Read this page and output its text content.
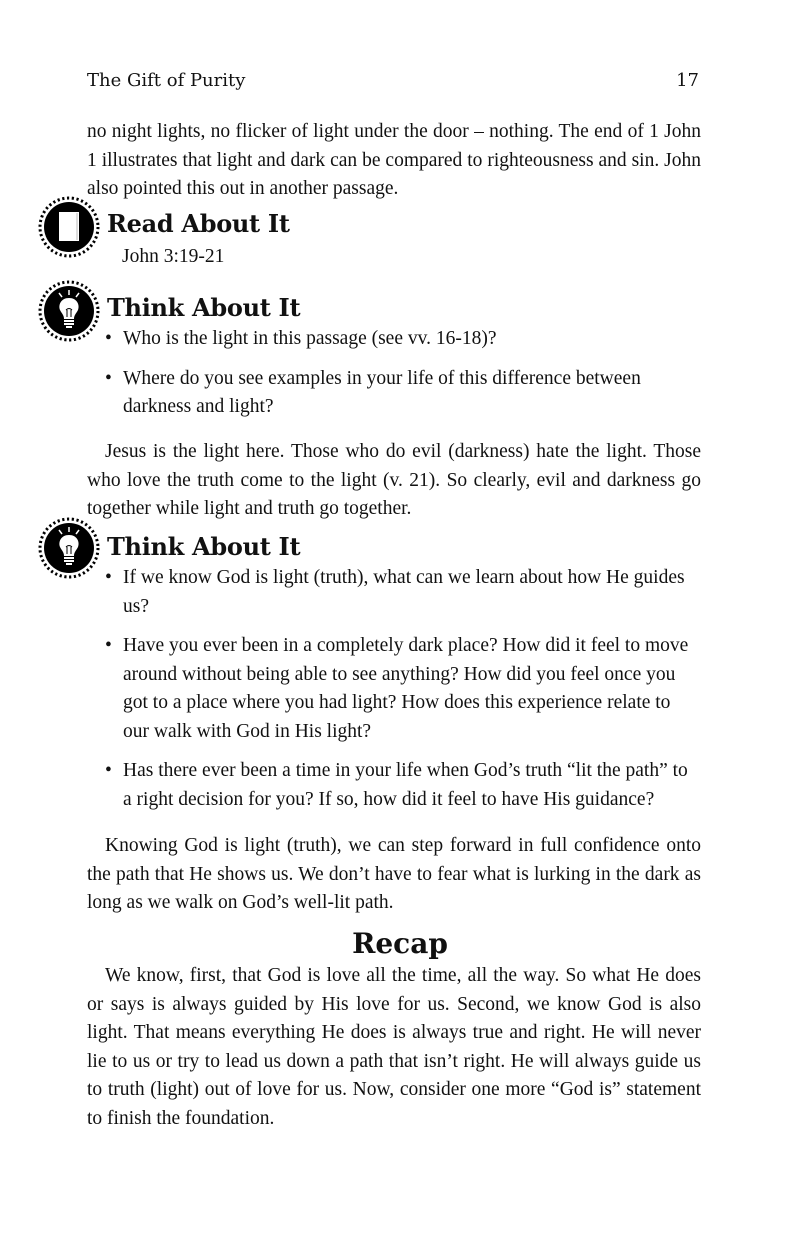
The Gift of Purity	17

no night lights, no flicker of light under the door – nothing. The end of 1 John 1 illustrates that light and dark can be compared to righteousness and sin. John also pointed this out in another passage.

Read About It
John 3:19-21
Think About It
• Who is the light in this passage (see vv. 16-18)?
• Where do you see examples in your life of this difference between darkness and light?

Jesus is the light here. Those who do evil (darkness) hate the light. Those who love the truth come to the light (v. 21). So clearly, evil and darkness go together while light and truth go together.

Think About It
• If we know God is light (truth), what can we learn about how He guides us?
• Have you ever been in a completely dark place? How did it feel to move around without being able to see anything? How did you feel once you got to a place where you had light? How does this experience relate to our walk with God in His light?
• Has there ever been a time in your life when God’s truth “lit the path” to a right decision for you? If so, how did it feel to have His guidance?

Knowing God is light (truth), we can step forward in full confidence onto the path that He shows us. We don’t have to fear what is lurking in the dark as long as we walk on God’s well-lit path.

Recap

We know, first, that God is love all the time, all the way. So what He does or says is always guided by His love for us. Second, we know God is also light. That means everything He does is always true and right. He will never lie to us or try to lead us down a path that isn’t right. He will always guide us to truth (light) out of love for us. Now, consider one more “God is” statement to finish the foundation.
